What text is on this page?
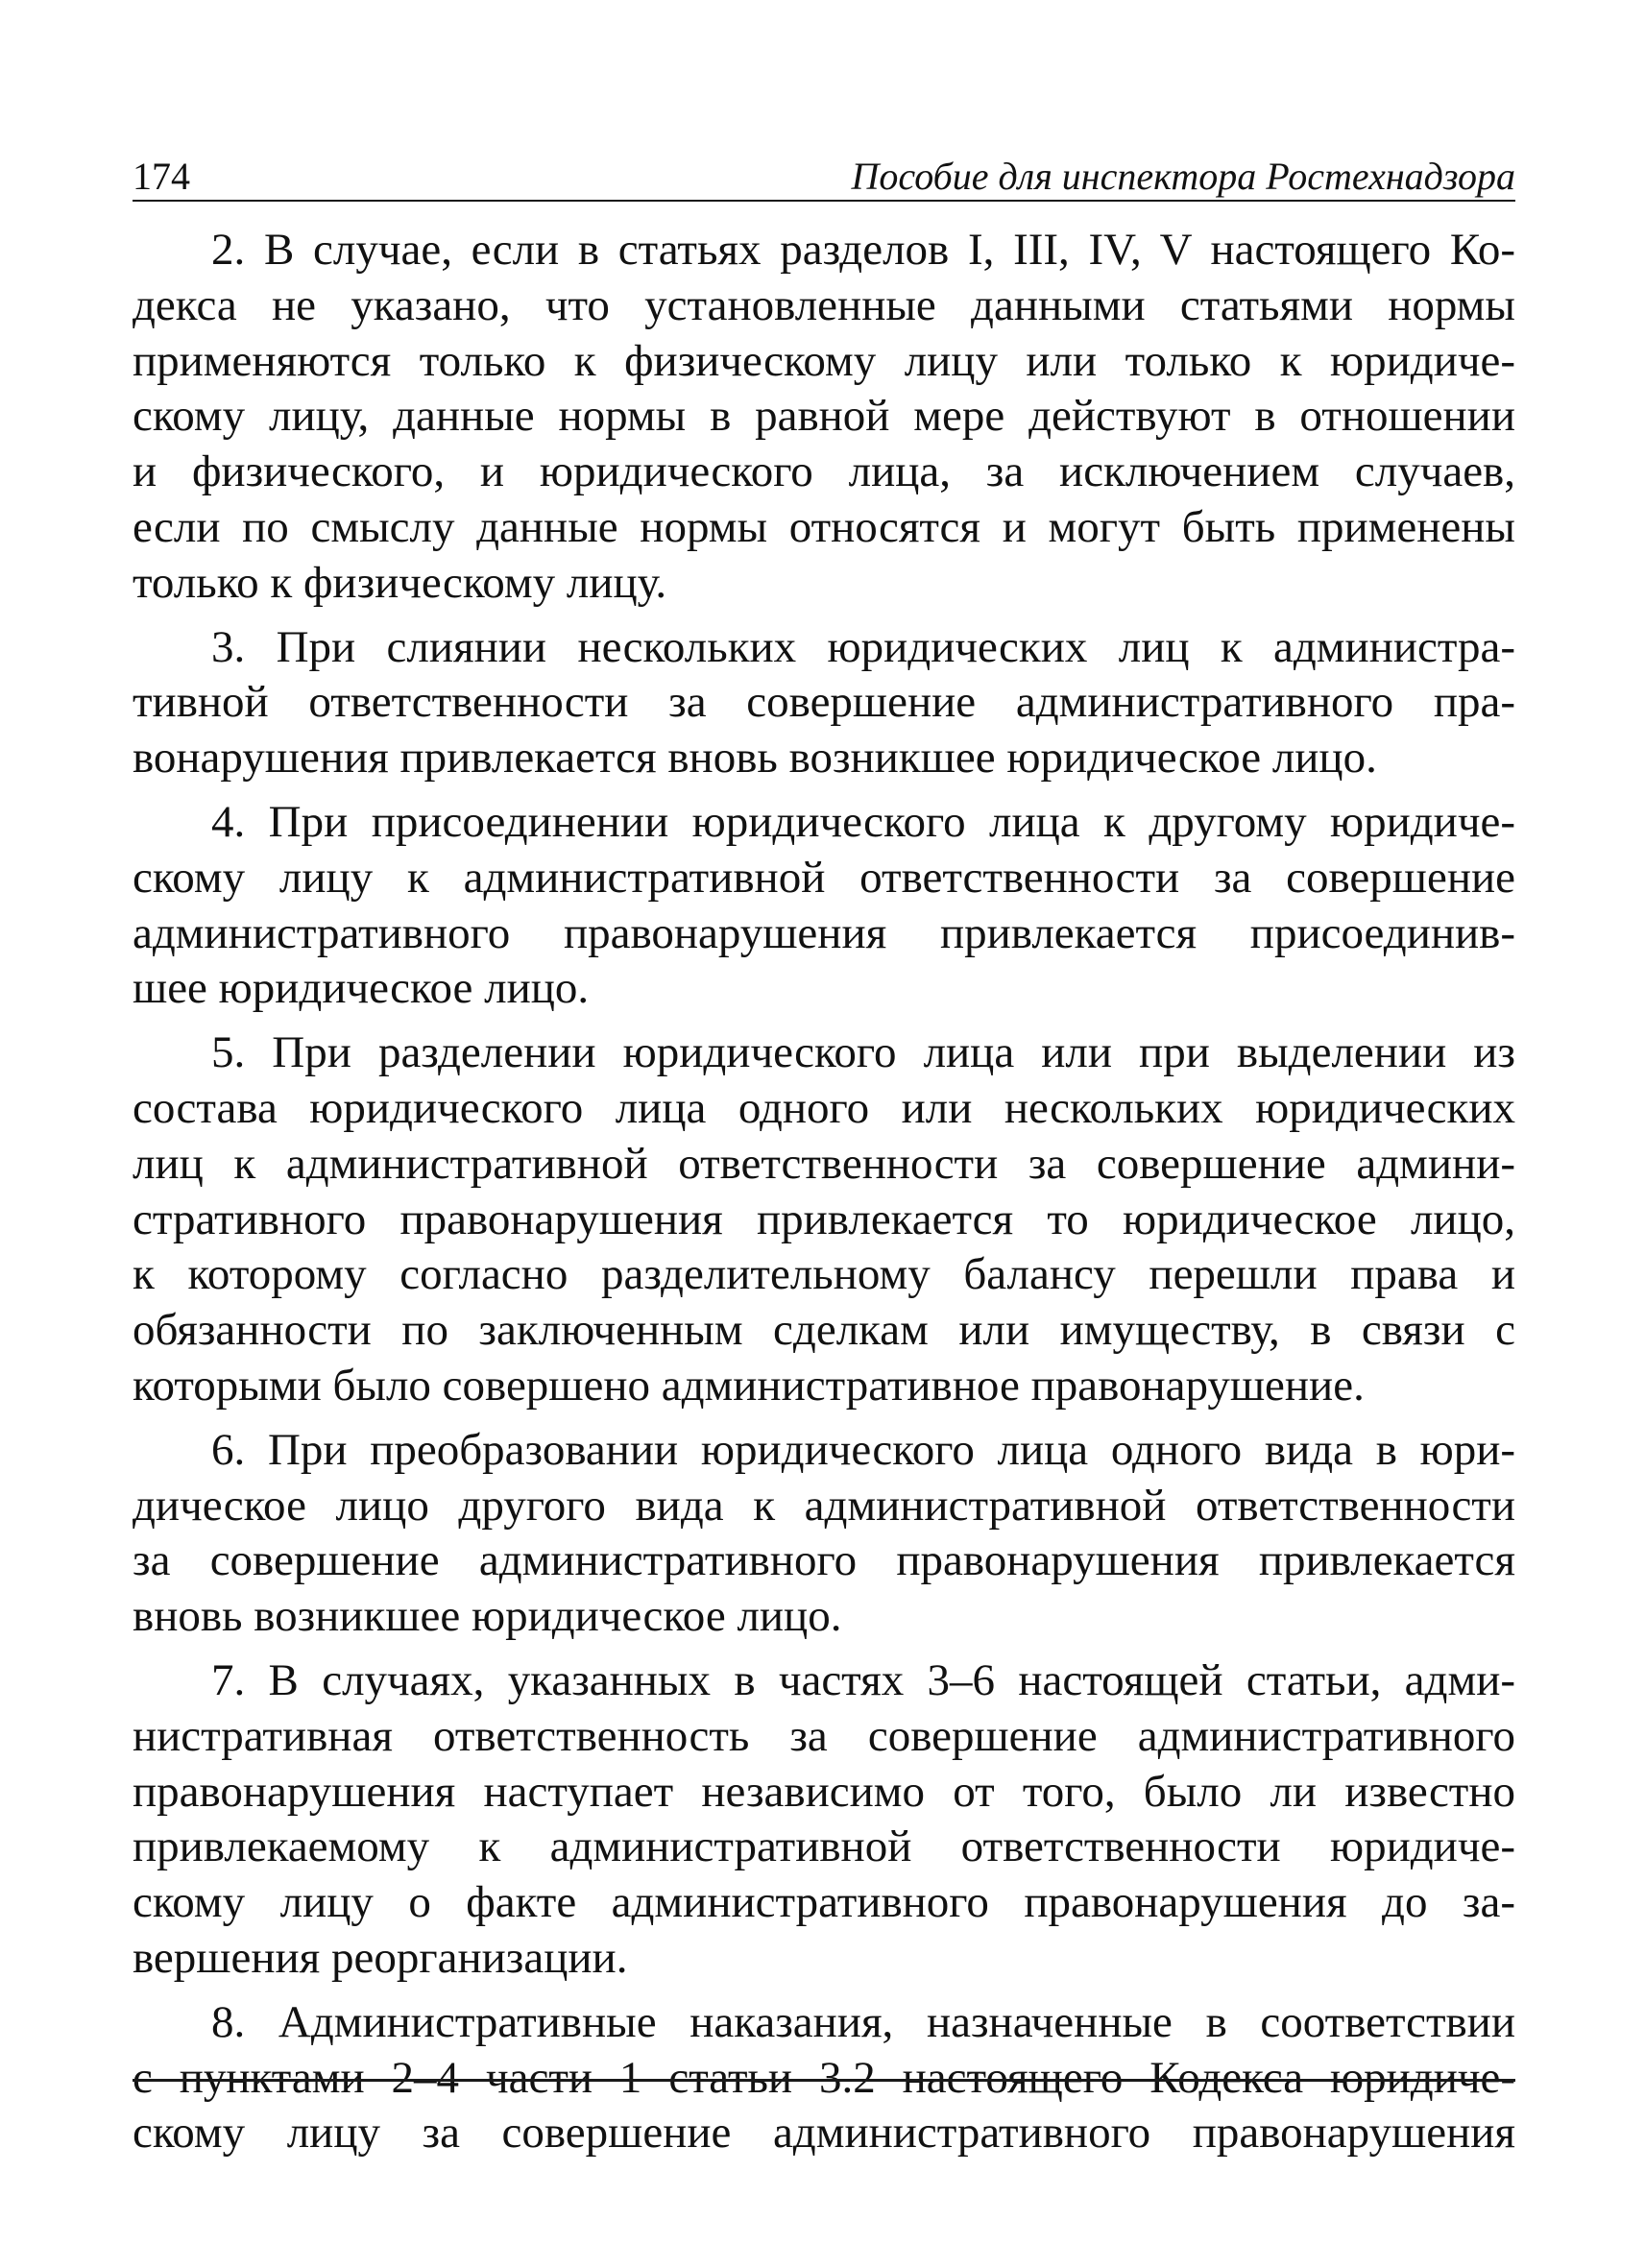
174	Пособие для инспектора Ростехнадзора
2. В случае, если в статьях разделов I, III, IV, V настоящего Ко-
декса не указано, что установленные данными статьями нормы
применяются только к физическому лицу или только к юридиче-
скому лицу, данные нормы в равной мере действуют в отношении
и физического, и юридического лица, за исключением случаев,
если по смыслу данные нормы относятся и могут быть применены
только к физическому лицу.
3. При слиянии нескольких юридических лиц к администра-
тивной ответственности за совершение административного пра-
вонарушения привлекается вновь возникшее юридическое лицо.
4. При присоединении юридического лица к другому юридиче-
скому лицу к административной ответственности за совершение
административного правонарушения привлекается присоединив-
шее юридическое лицо.
5. При разделении юридического лица или при выделении из
состава юридического лица одного или нескольких юридических
лиц к административной ответственности за совершение админи-
стративного правонарушения привлекается то юридическое лицо,
к которому согласно разделительному балансу перешли права и
обязанности по заключенным сделкам или имуществу, в связи с
которыми было совершено административное правонарушение.
6. При преобразовании юридического лица одного вида в юри-
дическое лицо другого вида к административной ответственности
за совершение административного правонарушения привлекается
вновь возникшее юридическое лицо.
7. В случаях, указанных в частях 3–6 настоящей статьи, адми-
нистративная ответственность за совершение административного
правонарушения наступает независимо от того, было ли известно
привлекаемому к административной ответственности юридиче-
скому лицу о факте административного правонарушения до за-
вершения реорганизации.
8. Административные наказания, назначенные в соответствии
с пунктами 2–4 части 1 статьи 3.2 настоящего Кодекса юридиче-
скому лицу за совершение административного правонарушения
